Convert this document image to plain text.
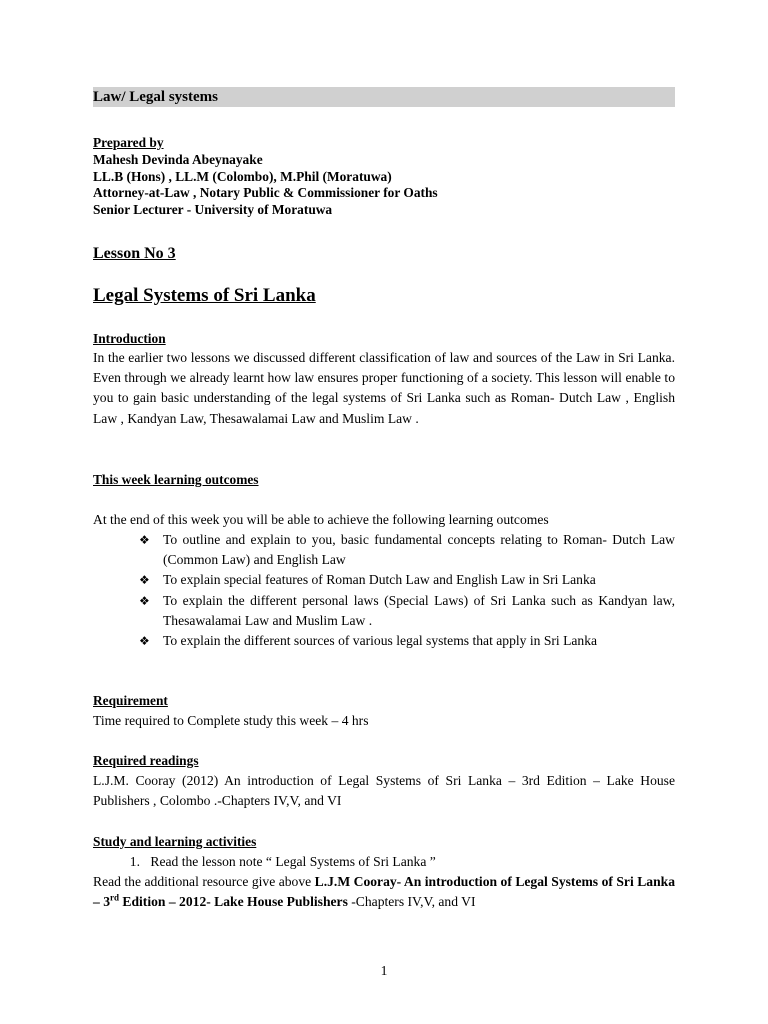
Law/ Legal systems
Prepared by
Mahesh Devinda Abeynayake
LL.B (Hons) , LL.M (Colombo), M.Phil (Moratuwa)
Attorney-at-Law , Notary Public & Commissioner for Oaths
Senior Lecturer - University of Moratuwa
Lesson No 3
Legal Systems of Sri Lanka
Introduction
In the earlier two lessons we discussed different classification of law and sources of the Law in Sri Lanka. Even through we already learnt how law ensures proper functioning of a society. This lesson will enable to you to gain basic understanding of the legal systems of Sri Lanka such as Roman- Dutch Law , English Law , Kandyan Law, Thesawalamai Law and Muslim Law .
This week learning outcomes
At the end of this week you will be able to achieve the following learning outcomes
❖ To outline and explain to you, basic fundamental concepts relating to Roman- Dutch Law (Common Law) and English Law
❖ To explain special features of Roman Dutch Law and English Law in Sri Lanka
❖ To explain the different personal laws (Special Laws) of Sri Lanka such as Kandyan law, Thesawalamai Law and Muslim Law .
❖ To explain the different sources of various legal systems that apply in Sri Lanka
Requirement
Time required to Complete study this week – 4 hrs
Required readings
L.J.M. Cooray (2012) An introduction of Legal Systems of Sri Lanka – 3rd Edition – Lake House Publishers , Colombo .-Chapters IV,V, and VI
Study and learning activities
1. Read the lesson note “ Legal Systems of Sri Lanka ”
Read the additional resource give above L.J.M Cooray- An introduction of Legal Systems of Sri Lanka – 3rd Edition – 2012- Lake House Publishers -Chapters IV,V, and VI
1
